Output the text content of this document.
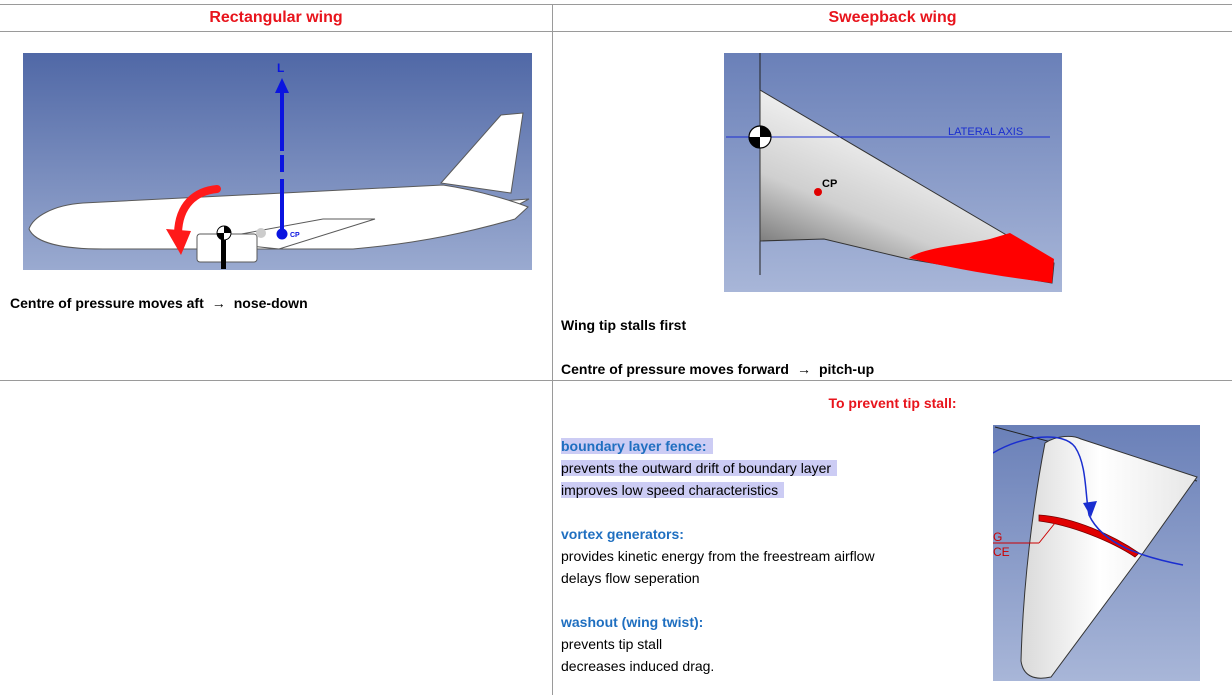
Rectangular wing	Sweepback wing
L
CP
Centre of pressure moves aft → nose-down
LATERAL AXIS
CP
Wing tip stalls first
Centre of pressure moves forward → pitch-up
To prevent tip stall:
boundary layer fence:
prevents the outward drift of boundary layer
improves low speed characteristics
vortex generators:
provides kinetic energy from the freestream airflow
delays flow seperation
washout (wing twist):
prevents tip stall
decreases induced drag.
G
CE
